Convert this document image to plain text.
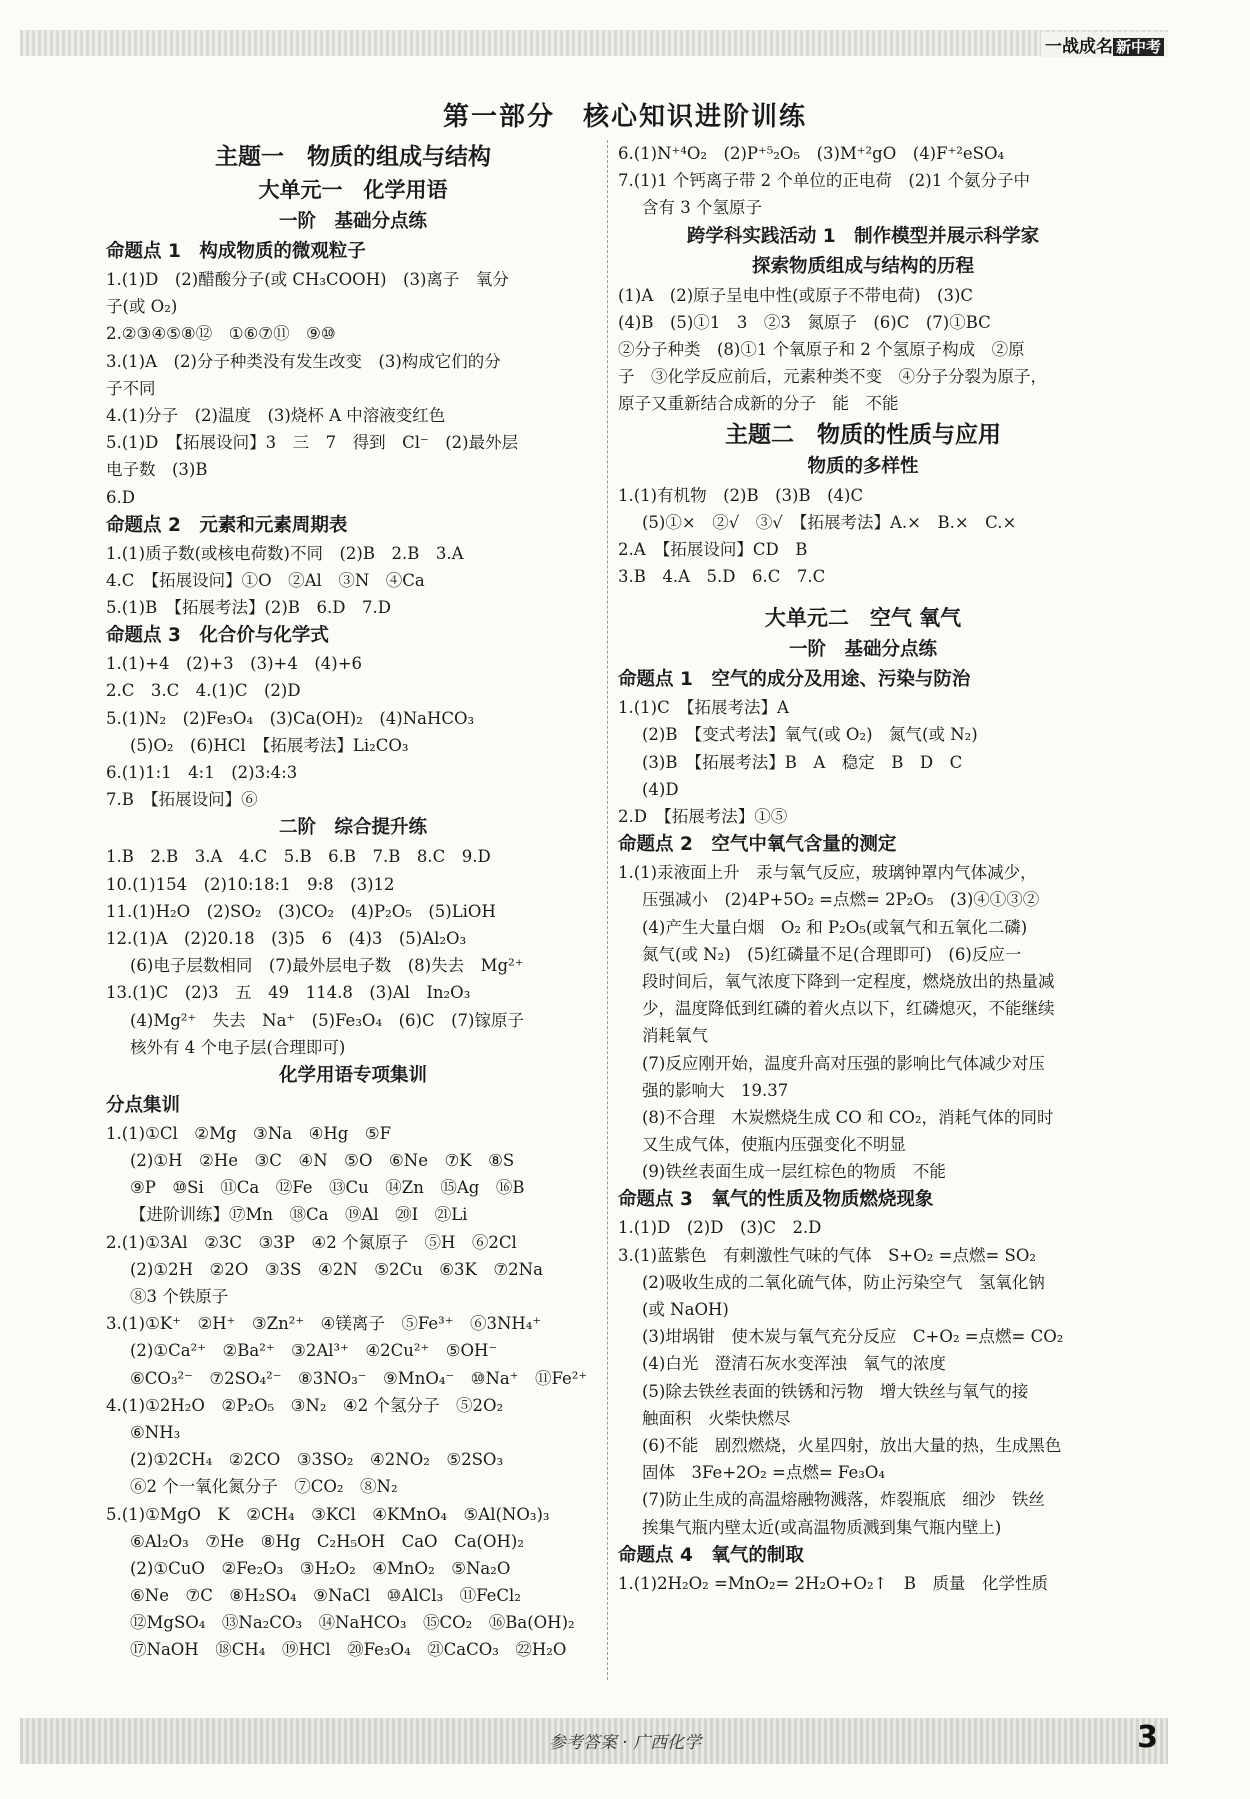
一战成名 新中考
第一部分　核心知识进阶训练
主题一　物质的组成与结构
大单元一　化学用语
一阶　基础分点练
命题点 1　构成物质的微观粒子
1.(1)D　(2)醋酸分子(或 CH₃COOH)　(3)离子　氧分
子(或 O₂)
2.②③④⑤⑧⑫　①⑥⑦⑪　⑨⑩
3.(1)A　(2)分子种类没有发生改变　(3)构成它们的分
子不同
4.(1)分子　(2)温度　(3)烧杯 A 中溶液变红色
5.(1)D　【拓展设问】3　三　7　得到　Cl⁻　(2)最外层
电子数　(3)B
6.D
命题点 2　元素和元素周期表
1.(1)质子数(或核电荷数)不同　(2)B　2.B　3.A
4.C　【拓展设问】①O　②Al　③N　④Ca
5.(1)B　【拓展考法】(2)B　6.D　7.D
命题点 3　化合价与化学式
1.(1)+4　(2)+3　(3)+4　(4)+6
2.C　3.C　4.(1)C　(2)D
5.(1)N₂　(2)Fe₃O₄　(3)Ca(OH)₂　(4)NaHCO₃
(5)O₂　(6)HCl　【拓展考法】Li₂CO₃
6.(1)1:1　4:1　(2)3:4:3
7.B　【拓展设问】⑥
二阶　综合提升练
1.B　2.B　3.A　4.C　5.B　6.B　7.B　8.C　9.D
10.(1)154　(2)10:18:1　9:8　(3)12
11.(1)H₂O　(2)SO₂　(3)CO₂　(4)P₂O₅　(5)LiOH
12.(1)A　(2)20.18　(3)5　6　(4)3　(5)Al₂O₃
(6)电子层数相同　(7)最外层电子数　(8)失去　Mg²⁺
13.(1)C　(2)3　五　49　114.8　(3)Al　In₂O₃
(4)Mg²⁺　失去　Na⁺　(5)Fe₃O₄　(6)C　(7)镓原子
核外有 4 个电子层(合理即可)
化学用语专项集训
分点集训
1.(1)①Cl　②Mg　③Na　④Hg　⑤F
(2)①H　②He　③C　④N　⑤O　⑥Ne　⑦K　⑧S
⑨P　⑩Si　⑪Ca　⑫Fe　⑬Cu　⑭Zn　⑮Ag　⑯B
【进阶训练】⑰Mn　⑱Ca　⑲Al　⑳I　㉑Li
2.(1)①3Al　②3C　③3P　④2 个氮原子　⑤H　⑥2Cl
(2)①2H　②2O　③3S　④2N　⑤2Cu　⑥3K　⑦2Na
⑧3 个铁原子
3.(1)①K⁺　②H⁺　③Zn²⁺　④镁离子　⑤Fe³⁺　⑥3NH₄⁺
(2)①Ca²⁺　②Ba²⁺　③2Al³⁺　④2Cu²⁺　⑤OH⁻
⑥CO₃²⁻　⑦2SO₄²⁻　⑧3NO₃⁻　⑨MnO₄⁻　⑩Na⁺　⑪Fe²⁺
4.(1)①2H₂O　②P₂O₅　③N₂　④2 个氢分子　⑤2O₂
⑥NH₃
(2)①2CH₄　②2CO　③3SO₂　④2NO₂　⑤2SO₃
⑥2 个一氧化氮分子　⑦CO₂　⑧N₂
5.(1)①MgO　K　②CH₄　③KCl　④KMnO₄　⑤Al(NO₃)₃
⑥Al₂O₃　⑦He　⑧Hg　C₂H₅OH　CaO　Ca(OH)₂
(2)①CuO　②Fe₂O₃　③H₂O₂　④MnO₂　⑤Na₂O
⑥Ne　⑦C　⑧H₂SO₄　⑨NaCl　⑩AlCl₃　⑪FeCl₂
⑫MgSO₄　⑬Na₂CO₃　⑭NaHCO₃　⑮CO₂　⑯Ba(OH)₂
⑰NaOH　⑱CH₄　⑲HCl　⑳Fe₃O₄　㉑CaCO₃　㉒H₂O
6.(1)N⁺⁴O₂　(2)P⁺⁵₂O₅　(3)M⁺²gO　(4)F⁺²eSO₄
7.(1)1 个钙离子带 2 个单位的正电荷　(2)1 个氨分子中
含有 3 个氢原子
跨学科实践活动 1　制作模型并展示科学家
探索物质组成与结构的历程
(1)A　(2)原子呈电中性(或原子不带电荷)　(3)C
(4)B　(5)①1　3　②3　氮原子　(6)C　(7)①BC
②分子种类　(8)①1 个氧原子和 2 个氢原子构成　②原
子　③化学反应前后，元素种类不变　④分子分裂为原子，
原子又重新结合成新的分子　能　不能
主题二　物质的性质与应用
物质的多样性
1.(1)有机物　(2)B　(3)B　(4)C
(5)①×　②√　③√　【拓展考法】A.×　B.×　C.×
2.A　【拓展设问】CD　B
3.B　4.A　5.D　6.C　7.C
大单元二　空气 氧气
一阶　基础分点练
命题点 1　空气的成分及用途、污染与防治
1.(1)C　【拓展考法】A
(2)B　【变式考法】氧气(或 O₂)　氮气(或 N₂)
(3)B　【拓展考法】B　A　稳定　B　D　C
(4)D
2.D　【拓展考法】①⑤
命题点 2　空气中氧气含量的测定
1.(1)汞液面上升　汞与氧气反应，玻璃钟罩内气体减少，
压强减小　(2)4P+5O₂ =点燃= 2P₂O₅　(3)④①③②
(4)产生大量白烟　O₂ 和 P₂O₅(或氧气和五氧化二磷)
氮气(或 N₂)　(5)红磷量不足(合理即可)　(6)反应一
段时间后，氧气浓度下降到一定程度，燃烧放出的热量减
少，温度降低到红磷的着火点以下，红磷熄灭，不能继续
消耗氧气
(7)反应刚开始，温度升高对压强的影响比气体减少对压
强的影响大　19.37
(8)不合理　木炭燃烧生成 CO 和 CO₂，消耗气体的同时
又生成气体，使瓶内压强变化不明显
(9)铁丝表面生成一层红棕色的物质　不能
命题点 3　氧气的性质及物质燃烧现象
1.(1)D　(2)D　(3)C　2.D
3.(1)蓝紫色　有刺激性气味的气体　S+O₂ =点燃= SO₂
(2)吸收生成的二氧化硫气体，防止污染空气　氢氧化钠
(或 NaOH)
(3)坩埚钳　使木炭与氧气充分反应　C+O₂ =点燃= CO₂
(4)白光　澄清石灰水变浑浊　氧气的浓度
(5)除去铁丝表面的铁锈和污物　增大铁丝与氧气的接
触面积　火柴快燃尽
(6)不能　剧烈燃烧，火星四射，放出大量的热，生成黑色
固体　3Fe+2O₂ =点燃= Fe₃O₄
(7)防止生成的高温熔融物溅落，炸裂瓶底　细沙　铁丝
挨集气瓶内壁太近(或高温物质溅到集气瓶内壁上)
命题点 4　氧气的制取
1.(1)2H₂O₂ =MnO₂= 2H₂O+O₂↑　B　质量　化学性质
参考答案 · 广西化学	3
